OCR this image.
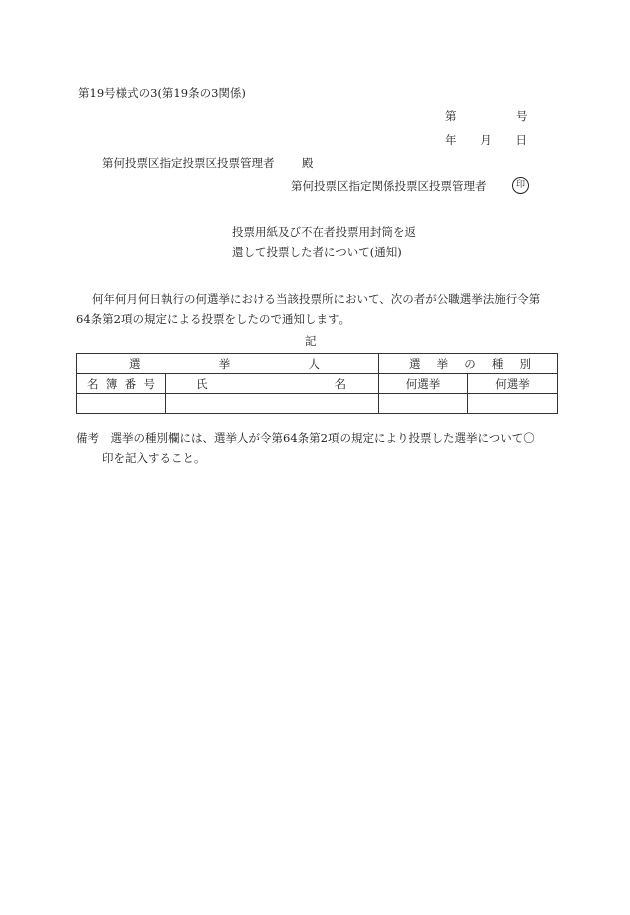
第19号様式の3(第19条の3関係)
第	号
年 月 日
第何投票区指定投票区投票管理者 殿
第何投票区指定関係投票区投票管理者	印
投票用紙及び不在者投票用封筒を返
還して投票した者について(通知)
何年何月何日執行の何選挙における当該投票所において、次の者が公職選挙法施行令第
64条第2項の規定による投票をしたので通知します。
記
選 挙 人		選 挙 の 種 別	

名 簿 番 号	氏 名	何選挙	何選挙

備考　選挙の種別欄には、選挙人が令第64条第2項の規定により投票した選挙について〇
印を記入すること。
